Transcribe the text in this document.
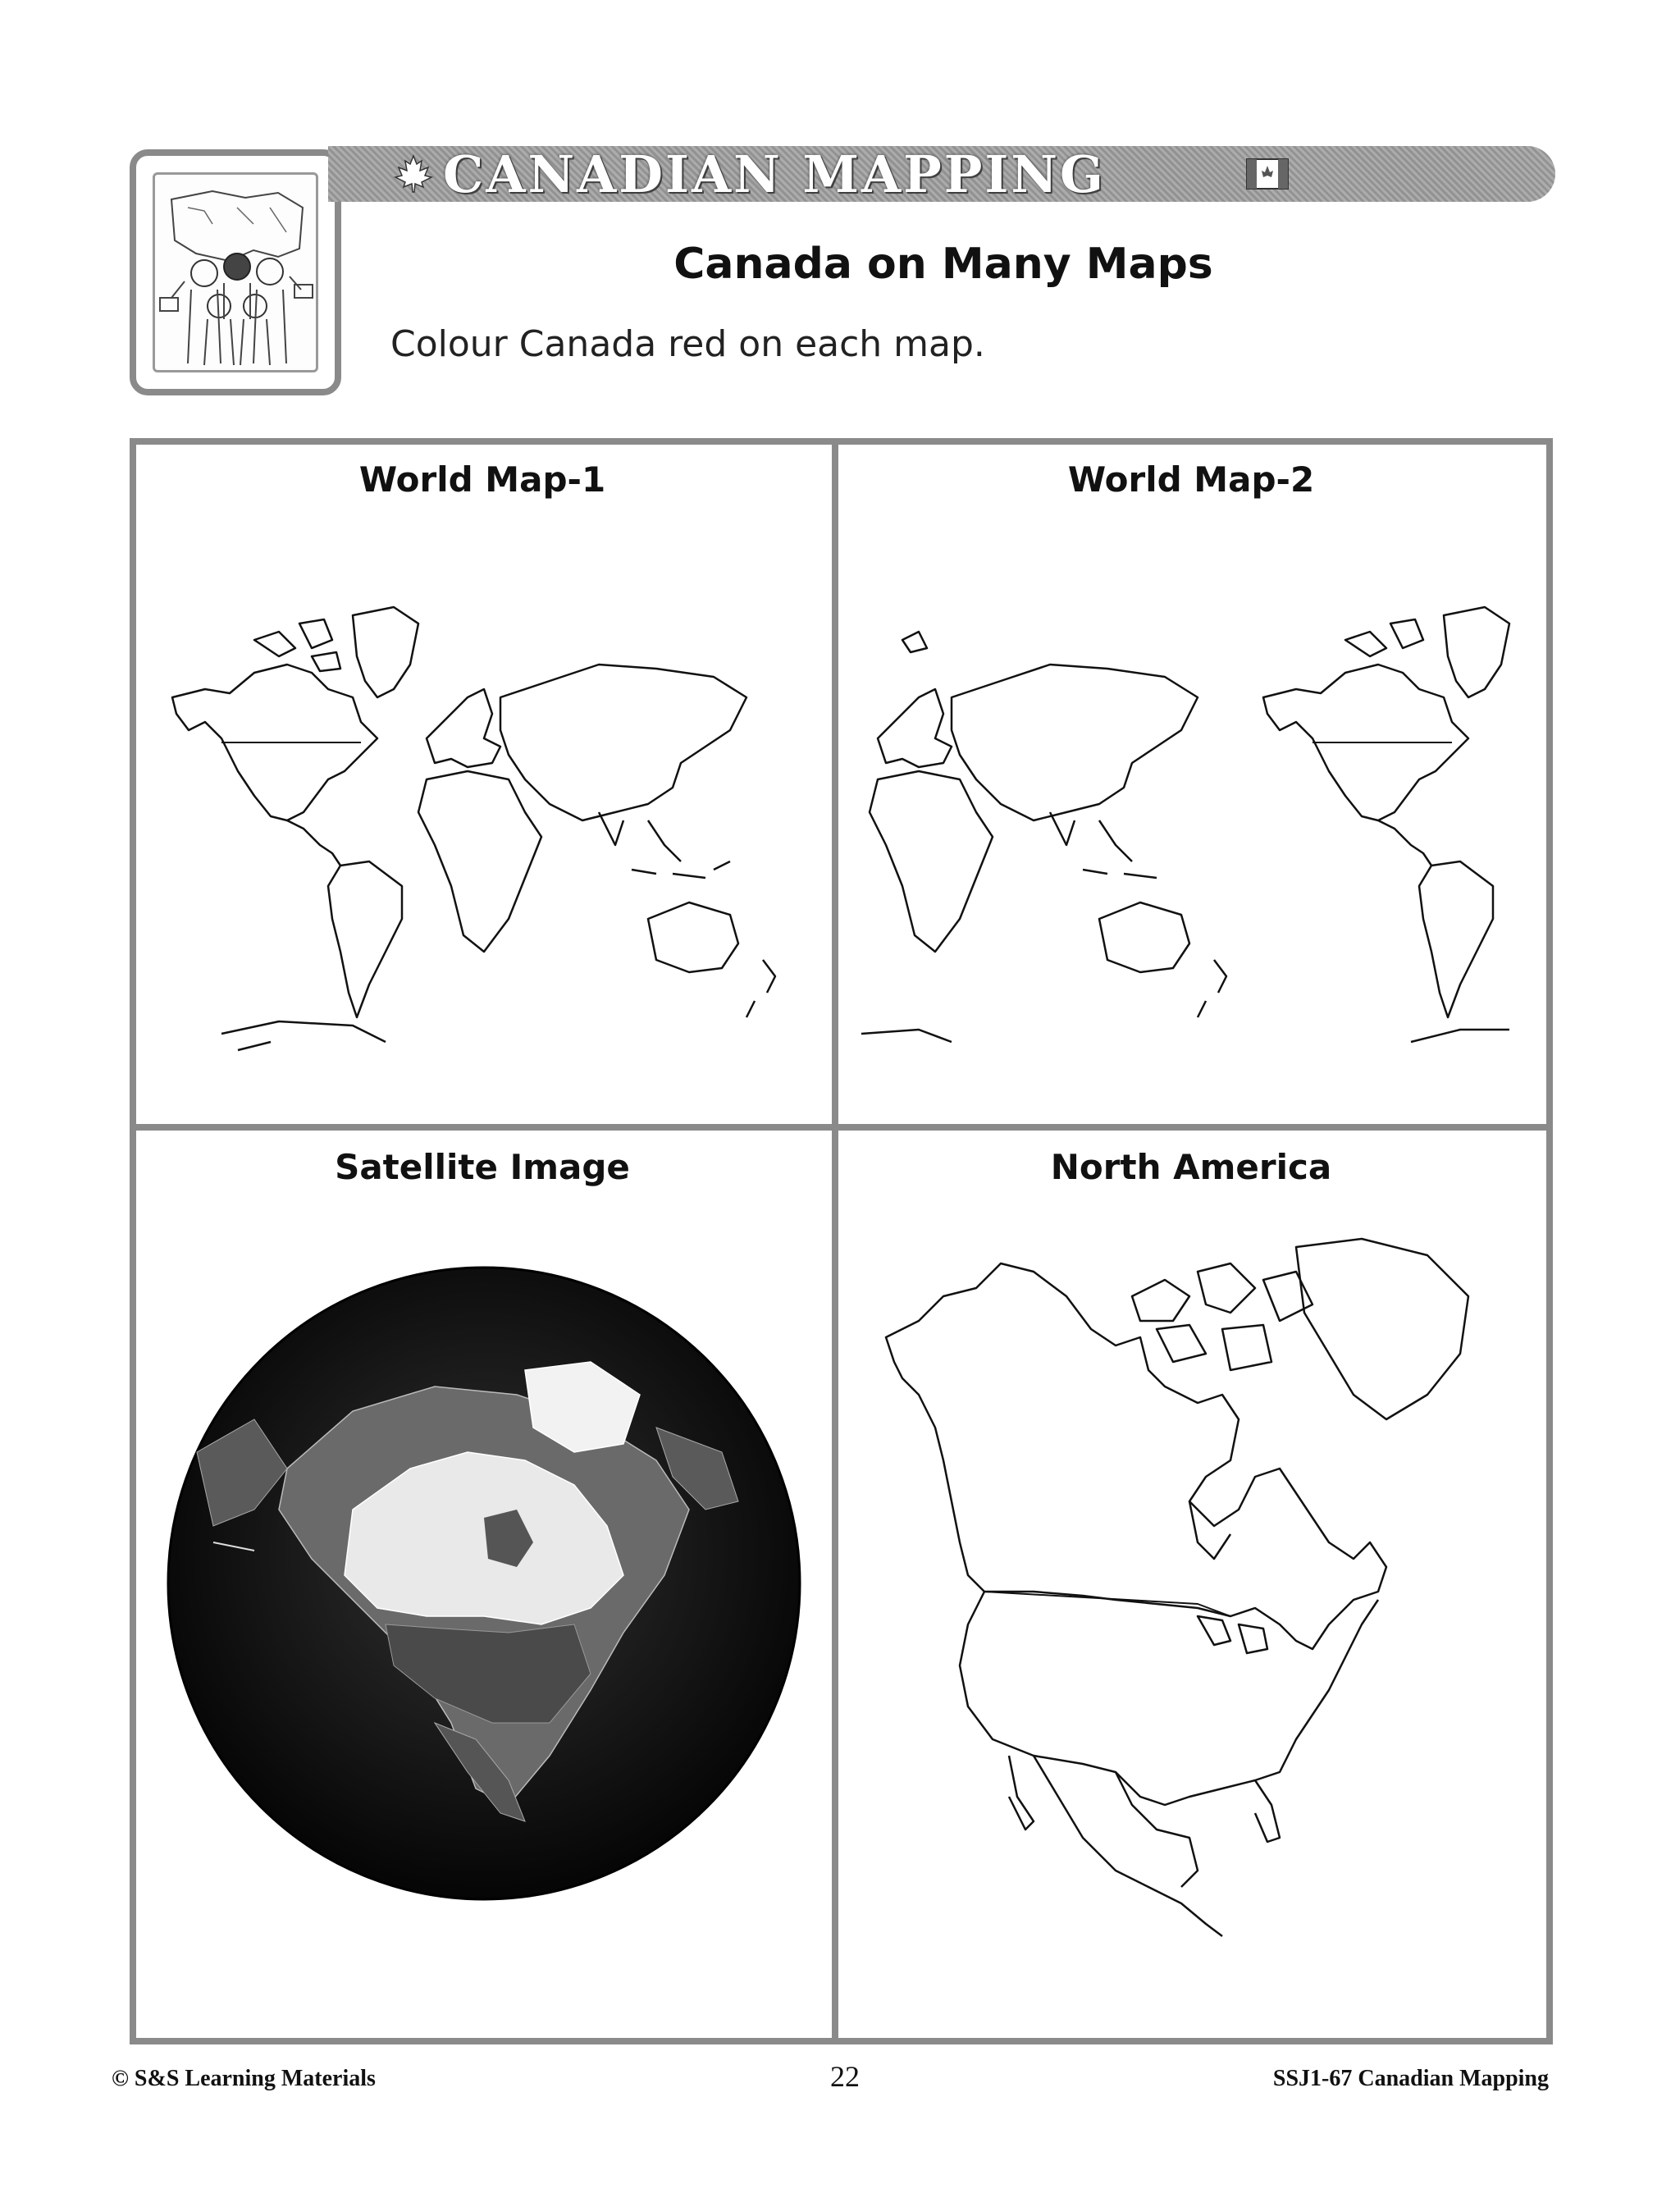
CANADIAN MAPPING
Canada on Many Maps
Colour Canada red on each map.
World Map-1	World Map-2
Satellite Image	North America
© S&S Learning Materials	22	SSJ1-67 Canadian Mapping
